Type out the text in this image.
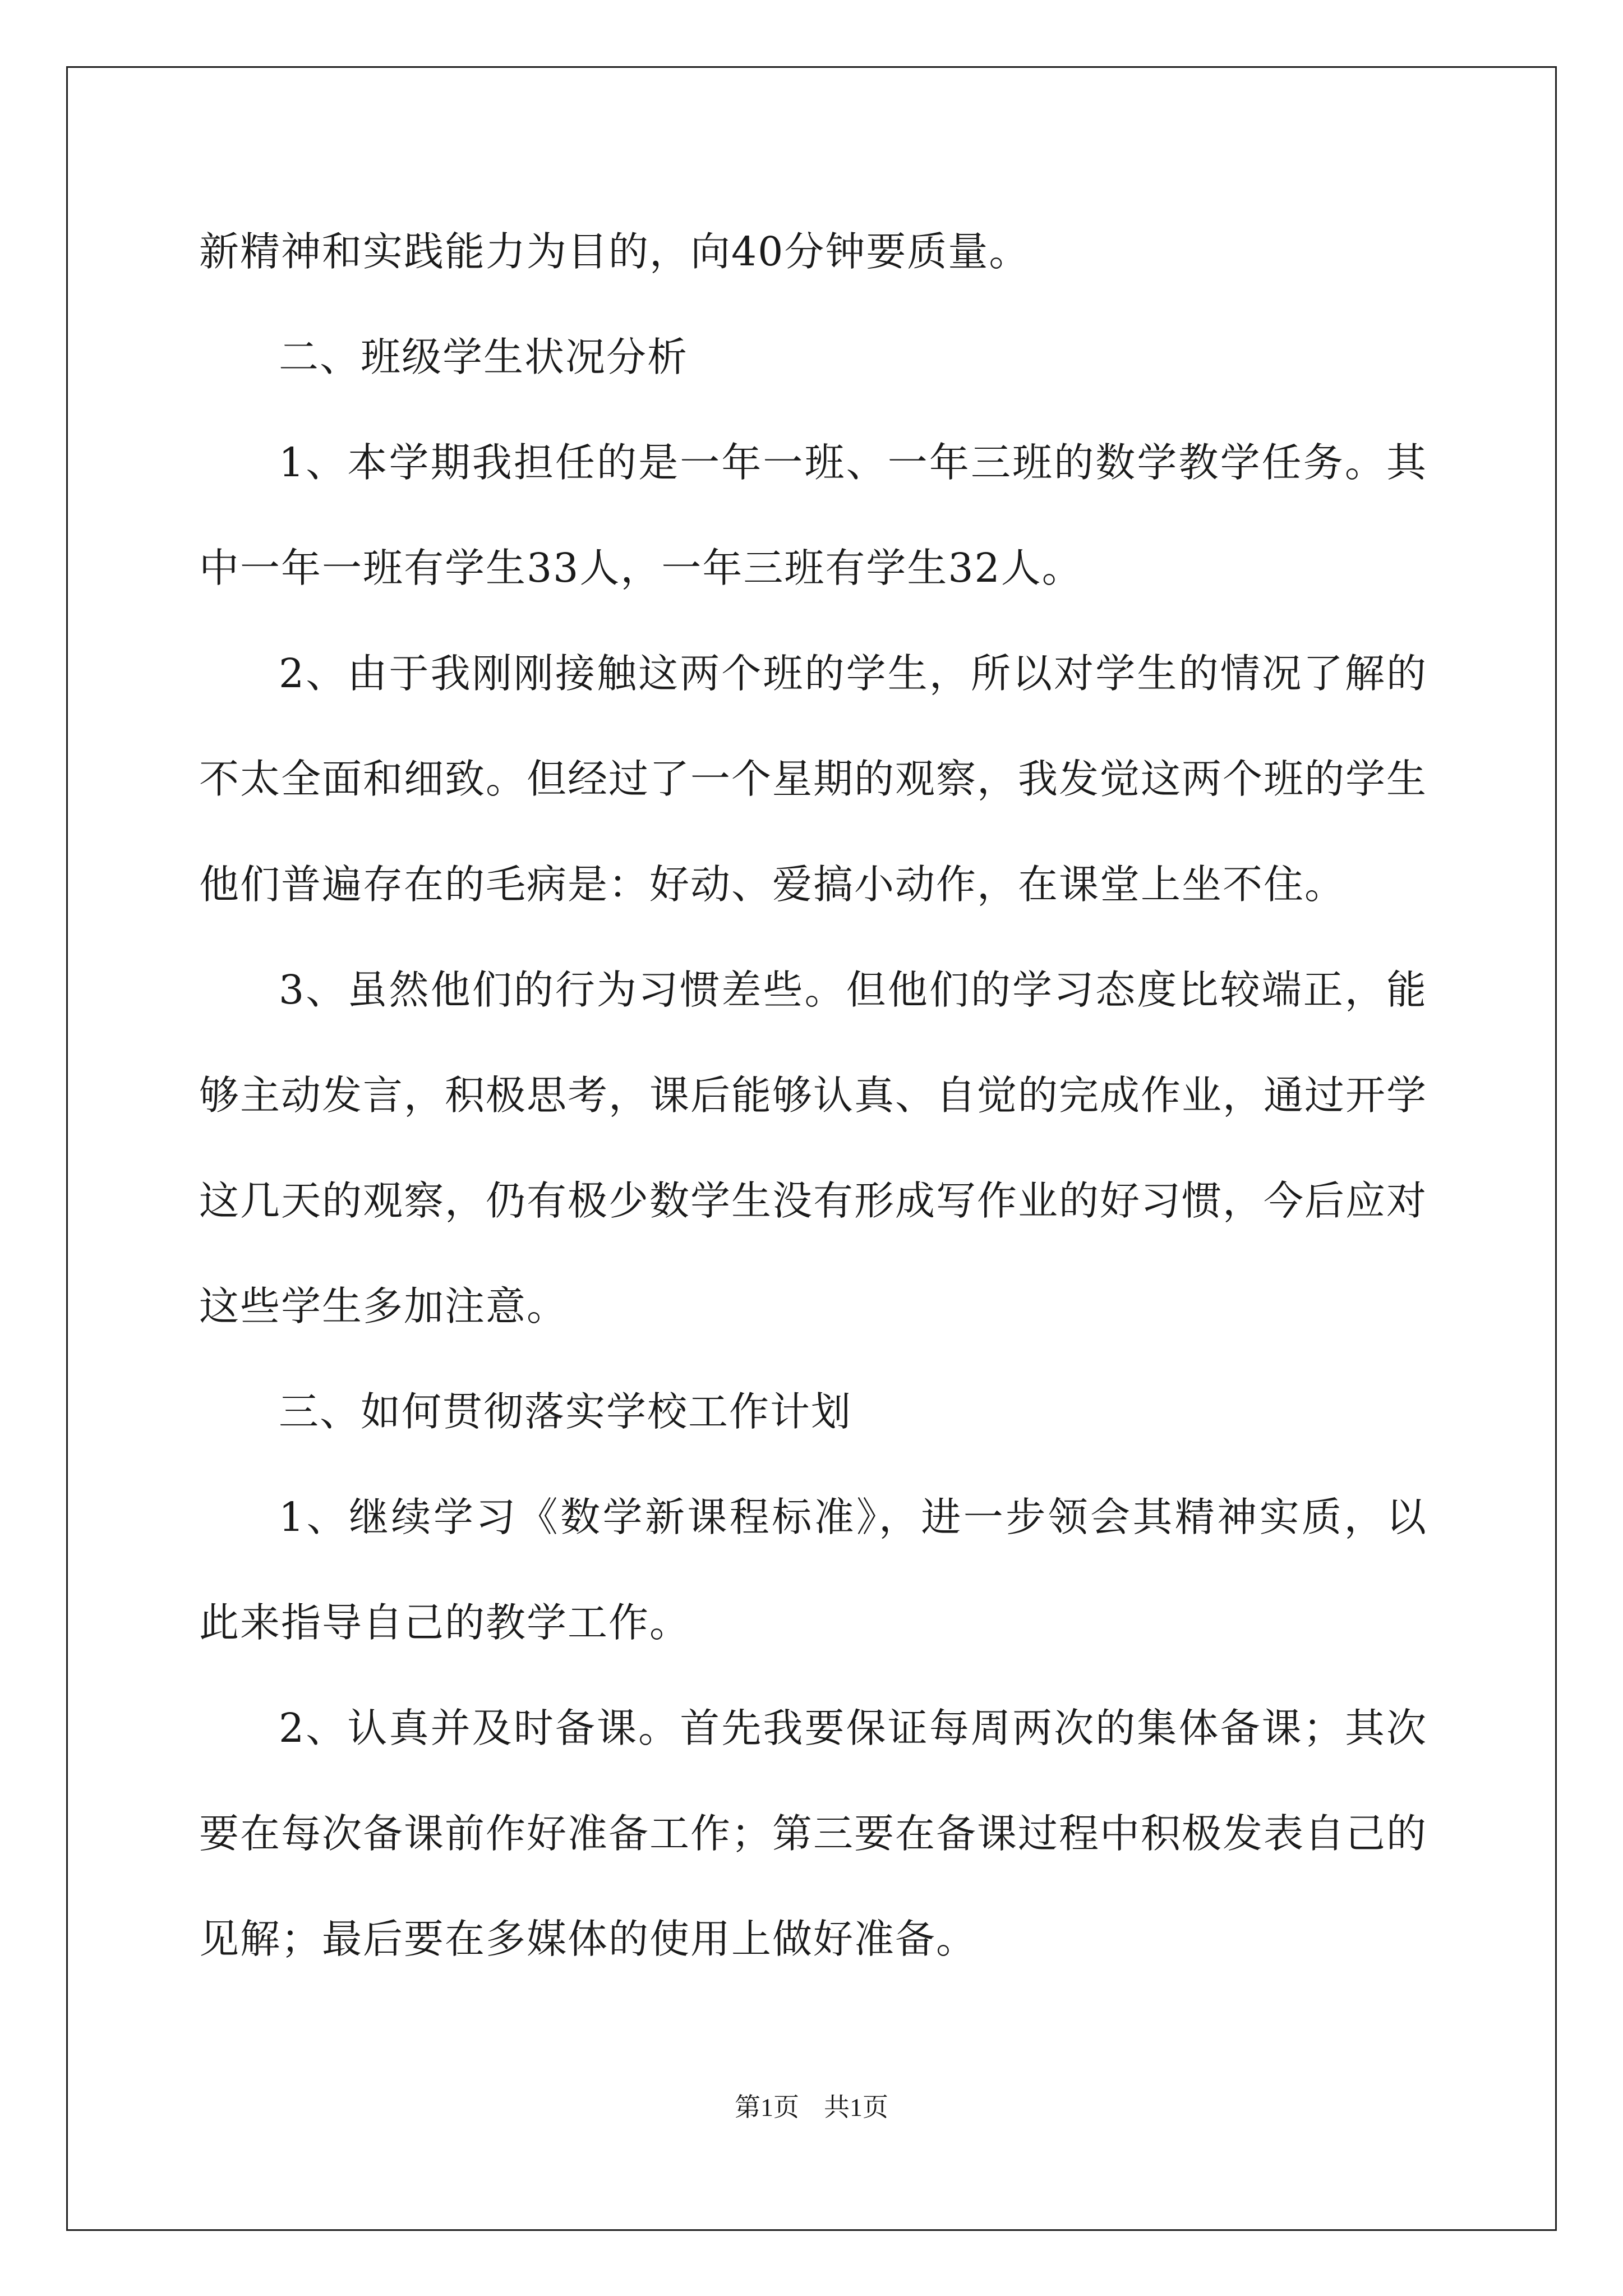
新精神和实践能力为目的，向40分钟要质量。

二、班级学生状况分析

1、本学期我担任的是一年一班、一年三班的数学教学任务。其中一年一班有学生33人，一年三班有学生32人。

2、由于我刚刚接触这两个班的学生，所以对学生的情况了解的不太全面和细致。但经过了一个星期的观察，我发觉这两个班的学生他们普遍存在的毛病是：好动、爱搞小动作，在课堂上坐不住。

3、虽然他们的行为习惯差些。但他们的学习态度比较端正，能够主动发言，积极思考，课后能够认真、自觉的完成作业，通过开学这几天的观察，仍有极少数学生没有形成写作业的好习惯，今后应对这些学生多加注意。

三、如何贯彻落实学校工作计划

1、继续学习《数学新课程标准》，进一步领会其精神实质，以此来指导自己的教学工作。

2、认真并及时备课。首先我要保证每周两次的集体备课；其次要在每次备课前作好准备工作；第三要在备课过程中积极发表自己的见解；最后要在多媒体的使用上做好准备。

第1页 共1页
